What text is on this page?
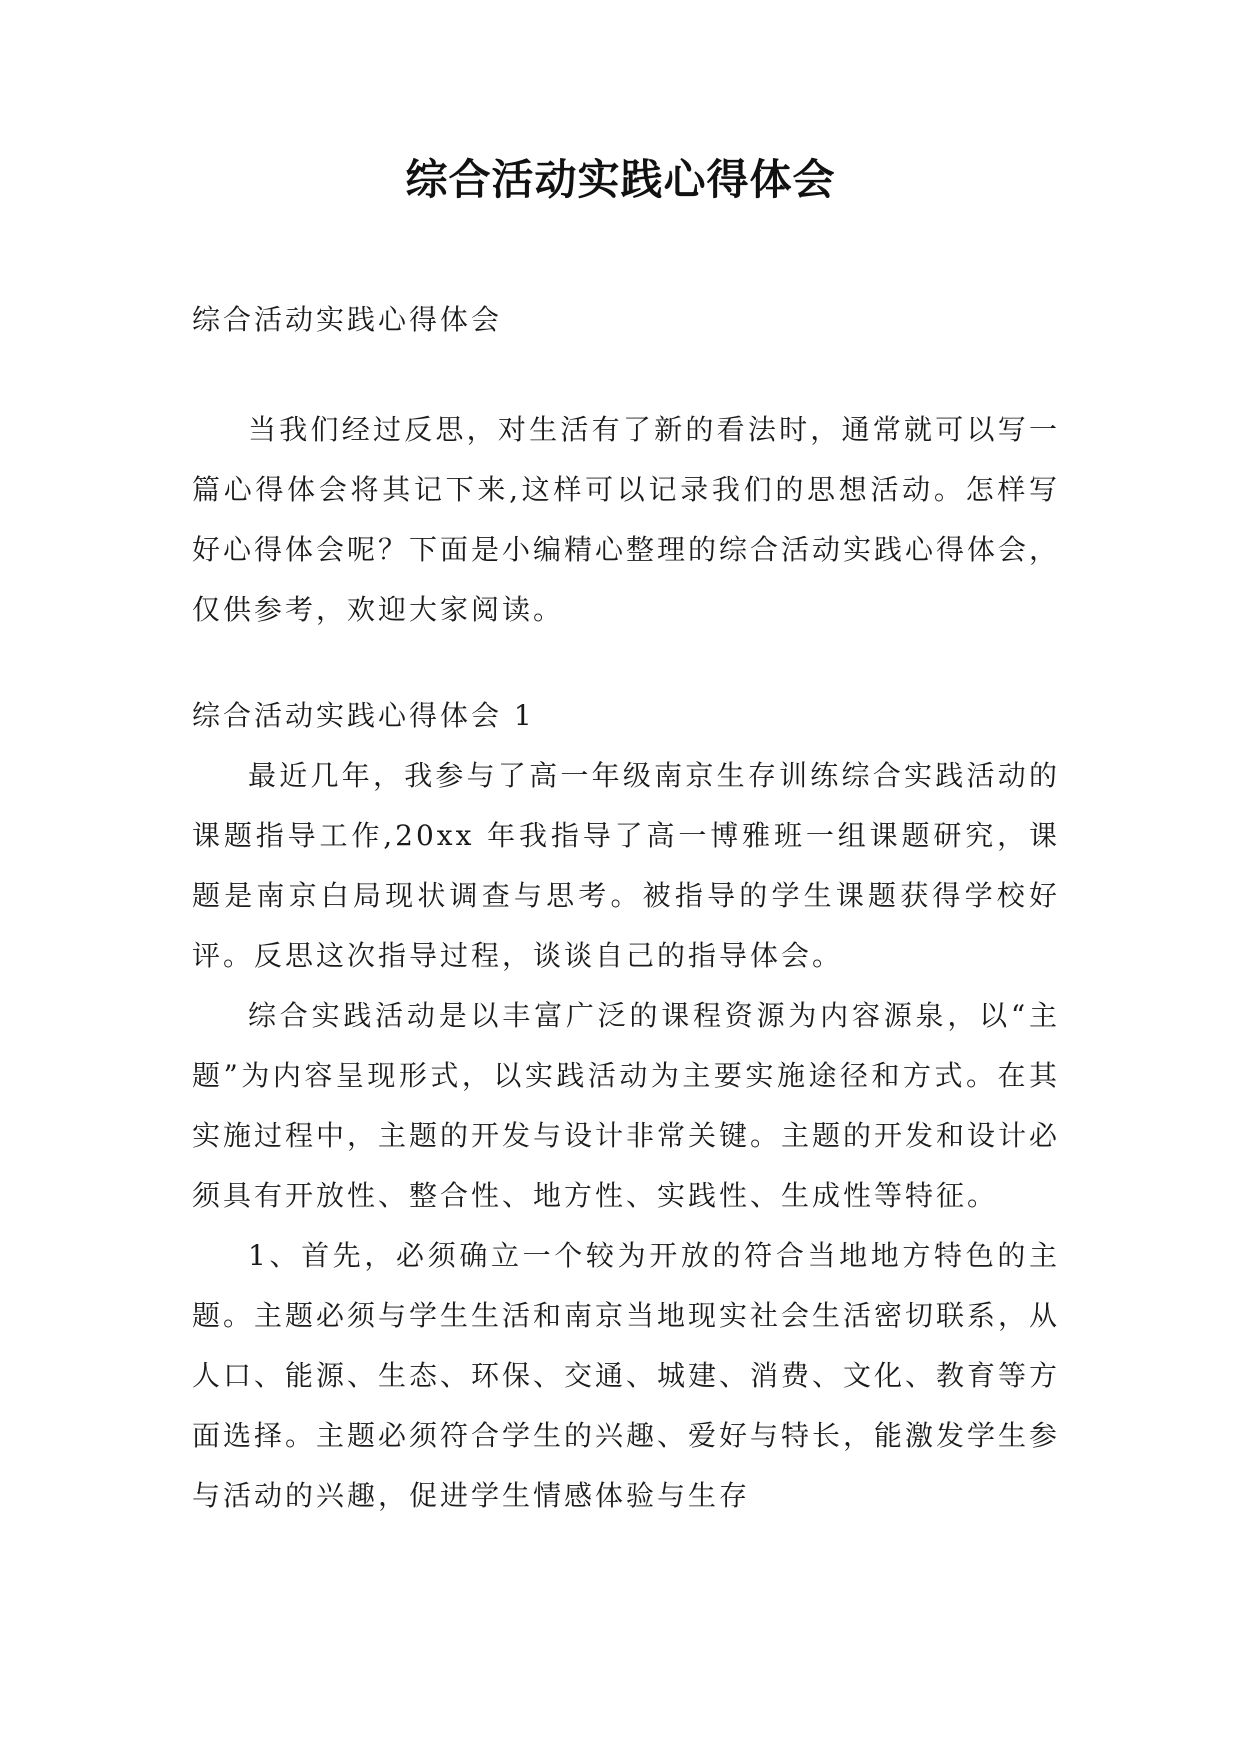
综合活动实践心得体会

综合活动实践心得体会

当我们经过反思，对生活有了新的看法时，通常就可以写一篇心得体会将其记下来,这样可以记录我们的思想活动。怎样写好心得体会呢？下面是小编精心整理的综合活动实践心得体会，仅供参考，欢迎大家阅读。

综合活动实践心得体会 1

最近几年，我参与了高一年级南京生存训练综合实践活动的课题指导工作,20xx 年我指导了高一博雅班一组课题研究，课题是南京白局现状调查与思考。被指导的学生课题获得学校好评。反思这次指导过程，谈谈自己的指导体会。

综合实践活动是以丰富广泛的课程资源为内容源泉，以“主题”为内容呈现形式，以实践活动为主要实施途径和方式。在其实施过程中，主题的开发与设计非常关键。主题的开发和设计必须具有开放性、整合性、地方性、实践性、生成性等特征。

1、首先，必须确立一个较为开放的符合当地地方特色的主题。主题必须与学生生活和南京当地现实社会生活密切联系，从人口、能源、生态、环保、交通、城建、消费、文化、教育等方面选择。主题必须符合学生的兴趣、爱好与特长，能激发学生参与活动的兴趣，促进学生情感体验与生存
